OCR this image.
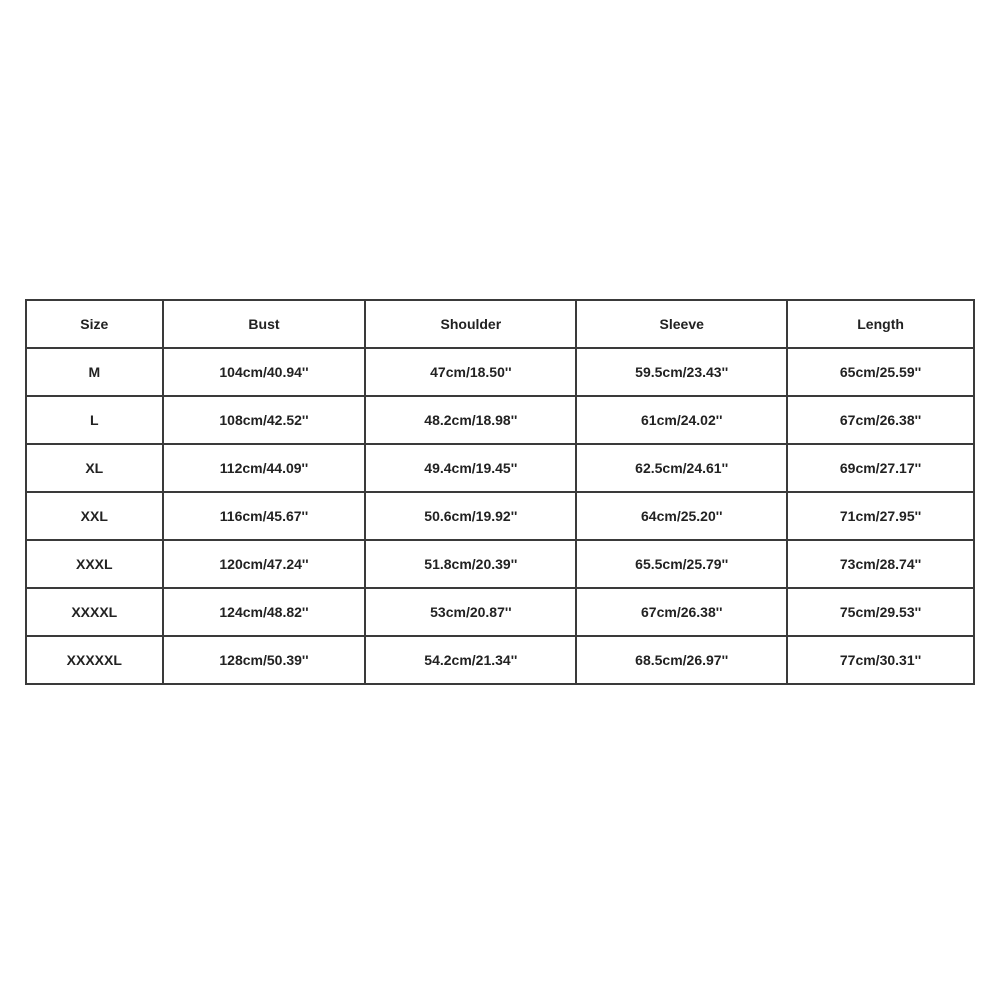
Size	Bust	Shoulder	Sleeve	Length
M	104cm/40.94''	47cm/18.50''	59.5cm/23.43''	65cm/25.59''
L	108cm/42.52''	48.2cm/18.98''	61cm/24.02''	67cm/26.38''
XL	112cm/44.09''	49.4cm/19.45''	62.5cm/24.61''	69cm/27.17''
XXL	116cm/45.67''	50.6cm/19.92''	64cm/25.20''	71cm/27.95''
XXXL	120cm/47.24''	51.8cm/20.39''	65.5cm/25.79''	73cm/28.74''
XXXXL	124cm/48.82''	53cm/20.87''	67cm/26.38''	75cm/29.53''
XXXXXL	128cm/50.39''	54.2cm/21.34''	68.5cm/26.97''	77cm/30.31''
